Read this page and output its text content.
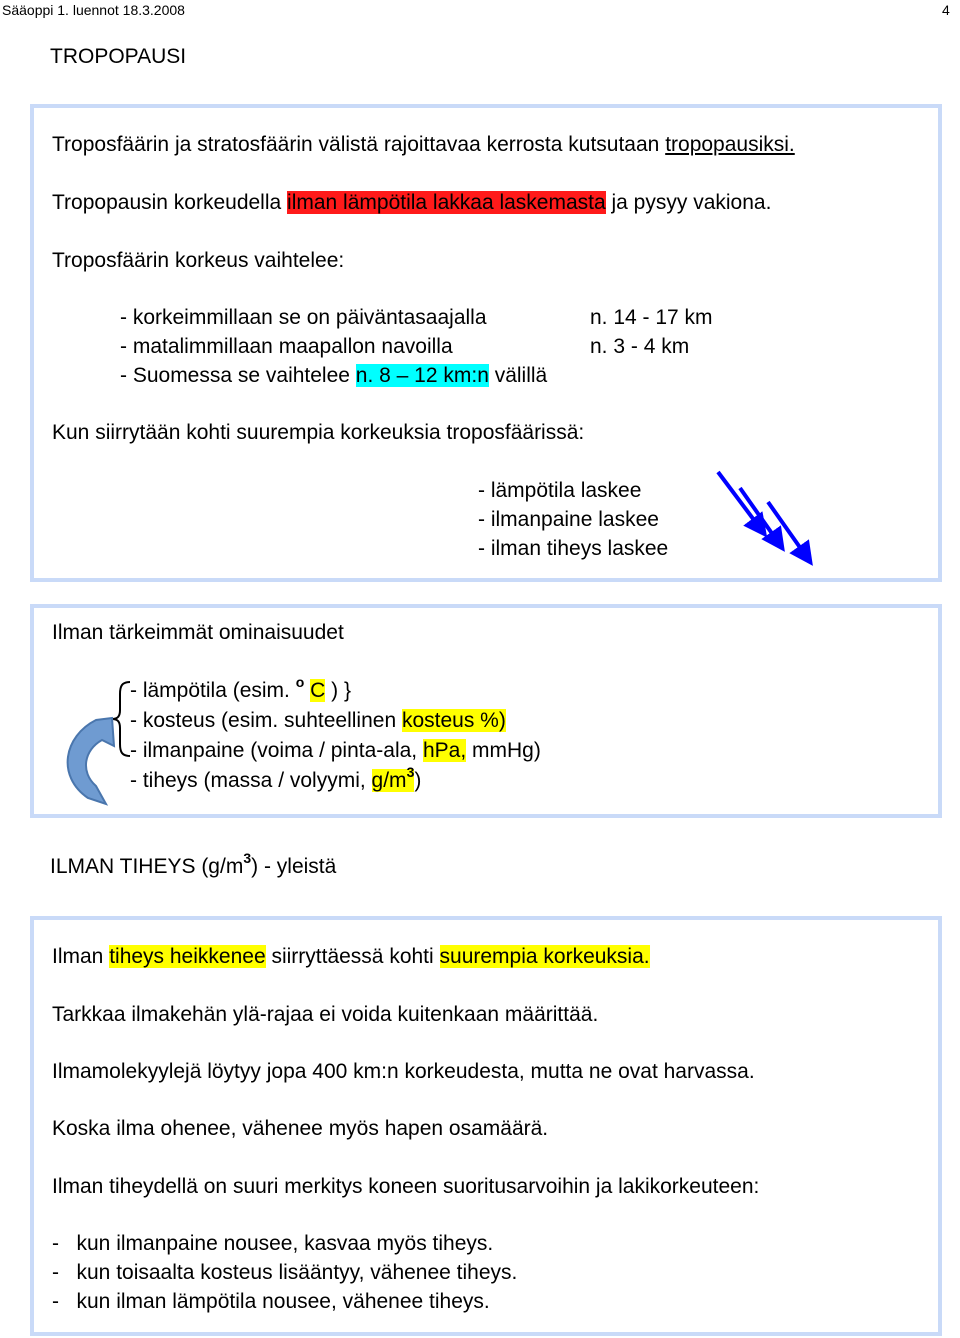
Sääoppi 1. luennot 18.3.2008	4
TROPOPAUSI
Troposfäärin ja stratosfäärin välistä rajoittavaa kerrosta kutsutaan tropopausiksi.
Tropopausin korkeudella ilman lämpötila lakkaa laskemasta ja pysyy vakiona.
Troposfäärin korkeus vaihtelee:
- korkeimmillaan se on päiväntasaajalla	n. 14 - 17 km
- matalimmillaan maapallon navoilla	n. 3 - 4 km
- Suomessa se vaihtelee n. 8 – 12 km:n välillä
Kun siirrytään kohti suurempia korkeuksia troposfäärissä:
- lämpötila laskee
- ilmanpaine laskee
- ilman tiheys laskee
Ilman tärkeimmät ominaisuudet
- lämpötila (esim. $^o$ C ) }
- kosteus (esim. suhteellinen kosteus %)
- ilmanpaine (voima / pinta-ala, hPa, mmHg)
- tiheys (massa / volyymi, $g/m^3$)
ILMAN TIHEYS $(g/m^3)$ - yleistä
Ilman tiheys heikkenee siirryttäessä kohti suurempia korkeuksia.
Tarkkaa ilmakehän ylä-rajaa ei voida kuitenkaan määrittää.
Ilmamolekyylejä löytyy jopa 400 km:n korkeudesta, mutta ne ovat harvassa.
Koska ilma ohenee, vähenee myös hapen osamäärä.
Ilman tiheydellä on suuri merkitys koneen suoritusarvoihin ja lakikorkeuteen:
-   kun ilmanpaine nousee, kasvaa myös tiheys.
-   kun toisaalta kosteus lisääntyy, vähenee tiheys.
-   kun ilman lämpötila nousee, vähenee tiheys.
